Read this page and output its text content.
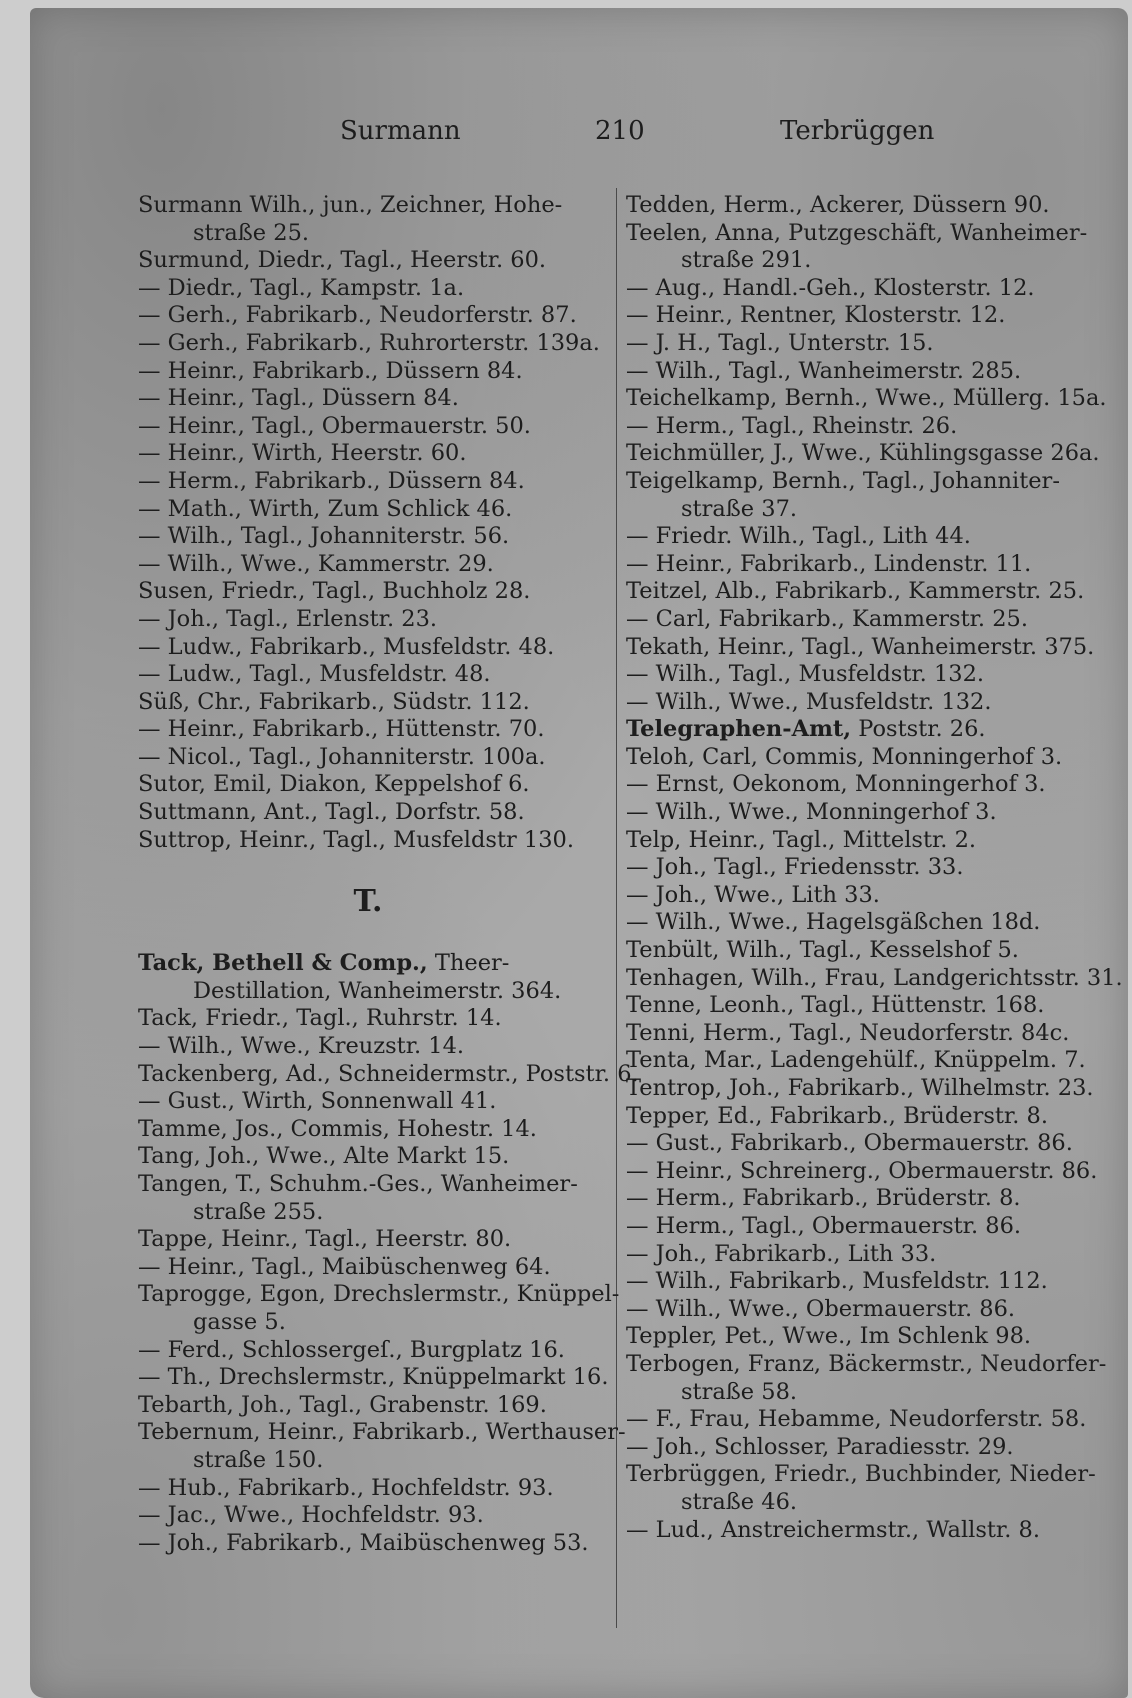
Surmann	210	Terbrüggen
Surmann Wilh., jun., Zeichner, Hohe-
straße 25.
Surmund, Diedr., Tagl., Heerstr. 60.
— Diedr., Tagl., Kampstr. 1a.
— Gerh., Fabrikarb., Neudorferstr. 87.
— Gerh., Fabrikarb., Ruhrorterstr. 139a.
— Heinr., Fabrikarb., Düssern 84.
— Heinr., Tagl., Düssern 84.
— Heinr., Tagl., Obermauerstr. 50.
— Heinr., Wirth, Heerstr. 60.
— Herm., Fabrikarb., Düssern 84.
— Math., Wirth, Zum Schlick 46.
— Wilh., Tagl., Johanniterstr. 56.
— Wilh., Wwe., Kammerstr. 29.
Susen, Friedr., Tagl., Buchholz 28.
— Joh., Tagl., Erlenstr. 23.
— Ludw., Fabrikarb., Musfeldstr. 48.
— Ludw., Tagl., Musfeldstr. 48.
Süß, Chr., Fabrikarb., Südstr. 112.
— Heinr., Fabrikarb., Hüttenstr. 70.
— Nicol., Tagl., Johanniterstr. 100a.
Sutor, Emil, Diakon, Keppelshof 6.
Suttmann, Ant., Tagl., Dorfstr. 58.
Suttrop, Heinr., Tagl., Musfeldstr 130.
T.
Tack, Bethell & Comp., Theer-
Destillation, Wanheimerstr. 364.
Tack, Friedr., Tagl., Ruhrstr. 14.
— Wilh., Wwe., Kreuzstr. 14.
Tackenberg, Ad., Schneidermstr., Poststr. 6.
— Gust., Wirth, Sonnenwall 41.
Tamme, Jos., Commis, Hohestr. 14.
Tang, Joh., Wwe., Alte Markt 15.
Tangen, T., Schuhm.-Ges., Wanheimer-
straße 255.
Tappe, Heinr., Tagl., Heerstr. 80.
— Heinr., Tagl., Maibüschenweg 64.
Taprogge, Egon, Drechslermstr., Knüppel-
gasse 5.
— Ferd., Schlossergeſ., Burgplatz 16.
— Th., Drechslermstr., Knüppelmarkt 16.
Tebarth, Joh., Tagl., Grabenstr. 169.
Tebernum, Heinr., Fabrikarb., Werthauser-
straße 150.
— Hub., Fabrikarb., Hochfeldstr. 93.
— Jac., Wwe., Hochfeldstr. 93.
— Joh., Fabrikarb., Maibüschenweg 53.
Tedden, Herm., Ackerer, Düssern 90.
Teelen, Anna, Putzgeschäft, Wanheimer-
straße 291.
— Aug., Handl.-Geh., Klosterstr. 12.
— Heinr., Rentner, Klosterstr. 12.
— J. H., Tagl., Unterstr. 15.
— Wilh., Tagl., Wanheimerstr. 285.
Teichelkamp, Bernh., Wwe., Müllerg. 15a.
— Herm., Tagl., Rheinstr. 26.
Teichmüller, J., Wwe., Kühlingsgasse 26a.
Teigelkamp, Bernh., Tagl., Johanniter-
straße 37.
— Friedr. Wilh., Tagl., Lith 44.
— Heinr., Fabrikarb., Lindenstr. 11.
Teitzel, Alb., Fabrikarb., Kammerstr. 25.
— Carl, Fabrikarb., Kammerstr. 25.
Tekath, Heinr., Tagl., Wanheimerstr. 375.
— Wilh., Tagl., Musfeldstr. 132.
— Wilh., Wwe., Musfeldstr. 132.
Telegraphen-Amt, Poststr. 26.
Teloh, Carl, Commis, Monningerhof 3.
— Ernst, Oekonom, Monningerhof 3.
— Wilh., Wwe., Monningerhof 3.
Telp, Heinr., Tagl., Mittelstr. 2.
— Joh., Tagl., Friedensstr. 33.
— Joh., Wwe., Lith 33.
— Wilh., Wwe., Hagelsgäßchen 18d.
Tenbült, Wilh., Tagl., Kesselshof 5.
Tenhagen, Wilh., Frau, Landgerichtsstr. 31.
Tenne, Leonh., Tagl., Hüttenstr. 168.
Tenni, Herm., Tagl., Neudorferstr. 84c.
Tenta, Mar., Ladengehülf., Knüppelm. 7.
Tentrop, Joh., Fabrikarb., Wilhelmstr. 23.
Tepper, Ed., Fabrikarb., Brüderstr. 8.
— Gust., Fabrikarb., Obermauerstr. 86.
— Heinr., Schreinerg., Obermauerstr. 86.
— Herm., Fabrikarb., Brüderstr. 8.
— Herm., Tagl., Obermauerstr. 86.
— Joh., Fabrikarb., Lith 33.
— Wilh., Fabrikarb., Musfeldstr. 112.
— Wilh., Wwe., Obermauerstr. 86.
Teppler, Pet., Wwe., Im Schlenk 98.
Terbogen, Franz, Bäckermstr., Neudorfer-
straße 58.
— F., Frau, Hebamme, Neudorferstr. 58.
— Joh., Schlosser, Paradiesstr. 29.
Terbrüggen, Friedr., Buchbinder, Nieder-
straße 46.
— Lud., Anstreichermstr., Wallstr. 8.
